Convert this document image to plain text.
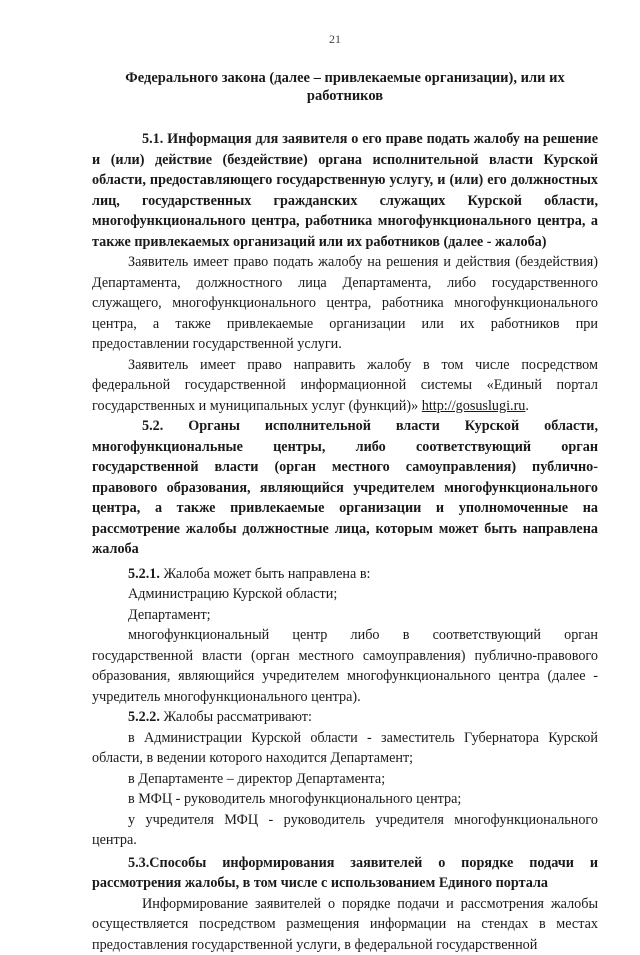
21
Федерального закона (далее – привлекаемые организации), или их работников

5.1. Информация для заявителя о его праве подать жалобу на решение и (или) действие (бездействие) органа исполнительной власти Курской области, предоставляющего государственную услугу, и (или) его должностных лиц, государственных гражданских служащих Курской области, многофункционального центра, работника многофункционального центра, а также привлекаемых организаций или их работников (далее - жалоба)

Заявитель имеет право подать жалобу на решения и действия (бездействия) Департамента, должностного лица Департамента, либо государственного служащего, многофункционального центра, работника многофункционального центра, а также привлекаемые организации или их работников при предоставлении государственной услуги.

Заявитель имеет право направить жалобу в том числе посредством федеральной государственной информационной системы «Единый портал государственных и муниципальных услуг (функций)» http://gosuslugi.ru.

5.2. Органы исполнительной власти Курской области, многофункциональные центры, либо соответствующий орган государственной власти (орган местного самоуправления) публично-правового образования, являющийся учредителем многофункционального центра, а также привлекаемые организации и уполномоченные на рассмотрение жалобы должностные лица, которым может быть направлена жалоба

5.2.1. Жалоба может быть направлена в:

Администрацию Курской области;

Департамент;

многофункциональный центр либо в соответствующий орган государственной власти (орган местного самоуправления) публично-правового образования, являющийся учредителем многофункционального центра (далее - учредитель многофункционального центра).

5.2.2. Жалобы рассматривают:

в Администрации Курской области - заместитель Губернатора Курской области, в ведении которого находится Департамент;

в Департаменте – директор Департамента;

в МФЦ - руководитель многофункционального центра;

у учредителя МФЦ - руководитель учредителя многофункционального центра.

5.3.Способы информирования заявителей о порядке подачи и рассмотрения жалобы, в том числе с использованием Единого портала

Информирование заявителей о порядке подачи и рассмотрения жалобы осуществляется посредством размещения информации на стендах в местах предоставления государственной услуги, в федеральной государственной
